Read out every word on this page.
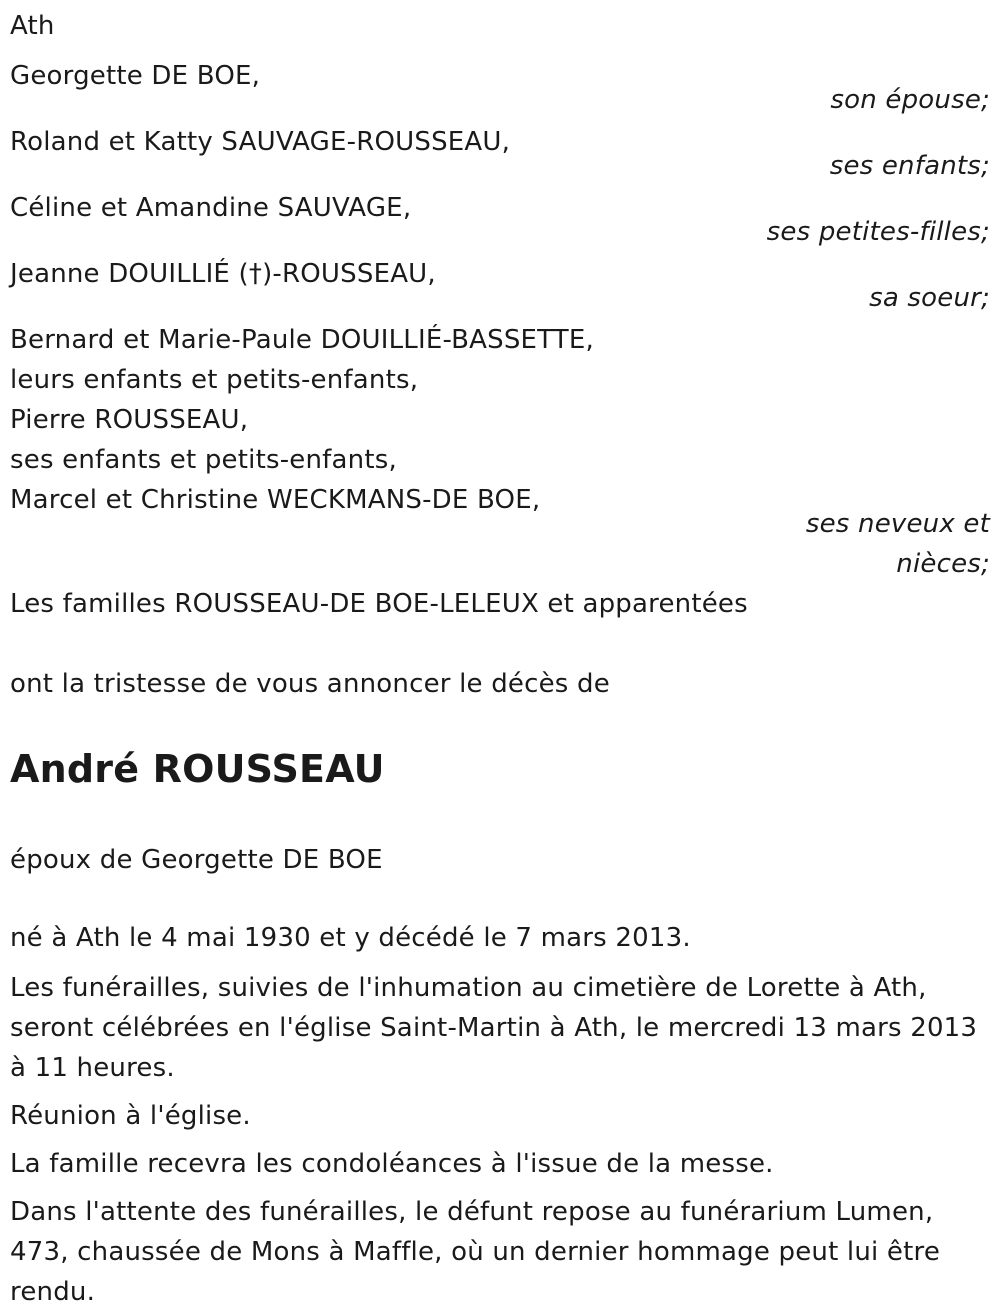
Ath
Georgette DE BOE,
son épouse;
Roland et Katty SAUVAGE-ROUSSEAU,
ses enfants;
Céline et Amandine SAUVAGE,
ses petites-filles;
Jeanne DOUILLIÉ (†)-ROUSSEAU,
sa soeur;
Bernard et Marie-Paule DOUILLIÉ-BASSETTE,
leurs enfants et petits-enfants,
Pierre ROUSSEAU,
ses enfants et petits-enfants,
Marcel et Christine WECKMANS-DE BOE,
ses neveux et
nièces;
Les familles ROUSSEAU-DE BOE-LELEUX et apparentées
ont la tristesse de vous annoncer le décès de
André ROUSSEAU
époux de Georgette DE BOE
né à Ath le 4 mai 1930 et y décédé le 7 mars 2013.
Les funérailles, suivies de l'inhumation au cimetière de Lorette à Ath,
seront célébrées en l'église Saint-Martin à Ath, le mercredi 13 mars 2013
à 11 heures.
Réunion à l'église.
La famille recevra les condoléances à l'issue de la messe.
Dans l'attente des funérailles, le défunt repose au funérarium Lumen,
473, chaussée de Mons à Maffle, où un dernier hommage peut lui être
rendu.
